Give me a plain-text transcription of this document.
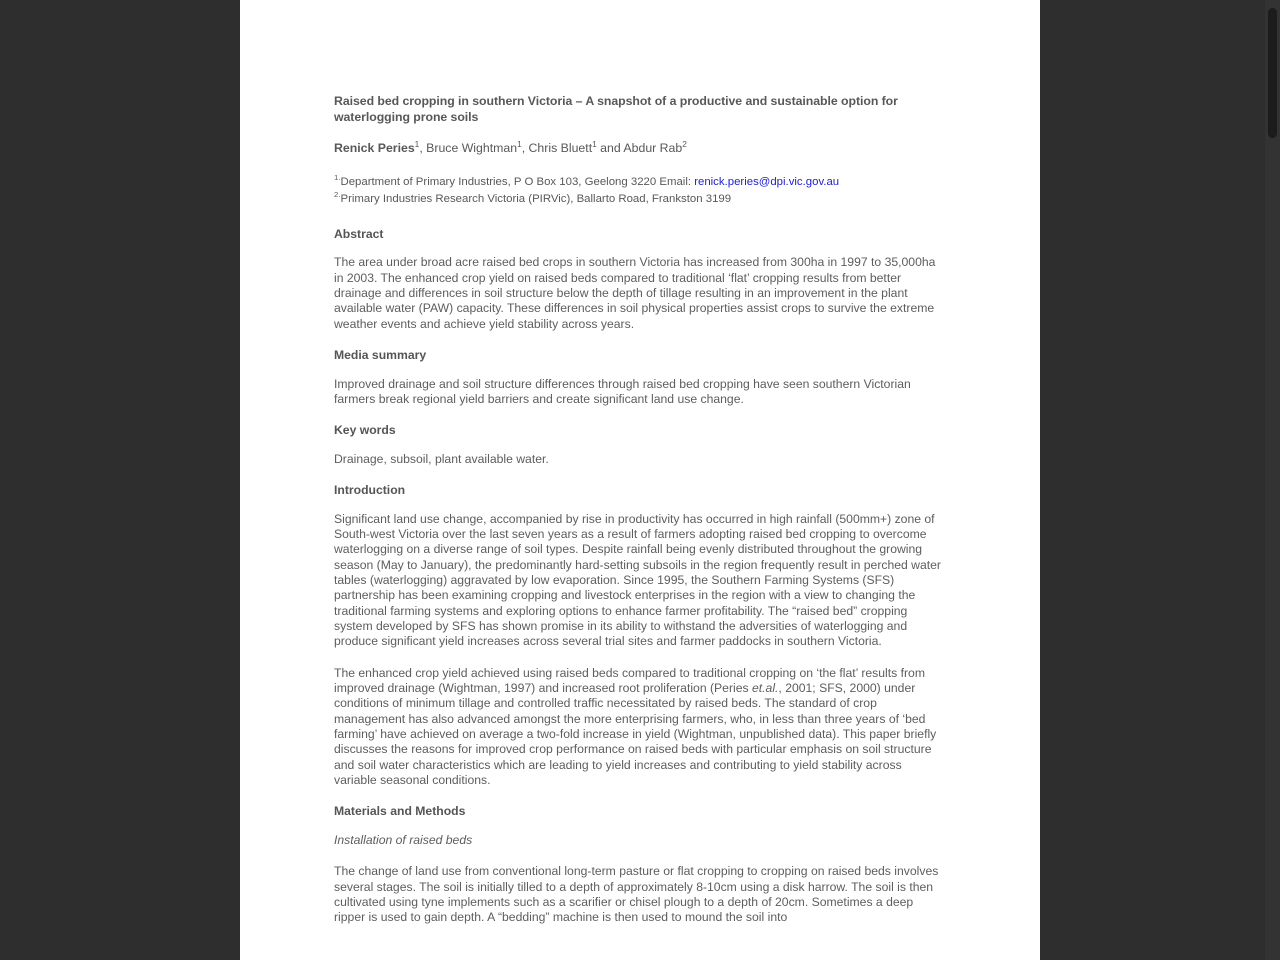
Raised bed cropping in southern Victoria – A snapshot of a productive and sustainable option for waterlogging prone soils
Renick Peries$^1$, Bruce Wightman$^1$, Chris Bluett$^1$ and Abdur Rab$^2$
$^{1.}$Department of Primary Industries, P O Box 103, Geelong 3220 Email: renick.peries@dpi.vic.gov.au
$^{2.}$Primary Industries Research Victoria (PIRVic), Ballarto Road, Frankston 3199
Abstract

The area under broad acre raised bed crops in southern Victoria has increased from 300ha in 1997 to 35,000ha in 2003. The enhanced crop yield on raised beds compared to traditional ‘flat’ cropping results from better drainage and differences in soil structure below the depth of tillage resulting in an improvement in the plant available water (PAW) capacity. These differences in soil physical properties assist crops to survive the extreme weather events and achieve yield stability across years.

Media summary

Improved drainage and soil structure differences through raised bed cropping have seen southern Victorian farmers break regional yield barriers and create significant land use change.

Key words

Drainage, subsoil, plant available water.

Introduction

Significant land use change, accompanied by rise in productivity has occurred in high rainfall (500mm+) zone of South-west Victoria over the last seven years as a result of farmers adopting raised bed cropping to overcome waterlogging on a diverse range of soil types. Despite rainfall being evenly distributed throughout the growing season (May to January), the predominantly hard-setting subsoils in the region frequently result in perched water tables (waterlogging) aggravated by low evaporation. Since 1995, the Southern Farming Systems (SFS) partnership has been examining cropping and livestock enterprises in the region with a view to changing the traditional farming systems and exploring options to enhance farmer profitability. The “raised bed” cropping system developed by SFS has shown promise in its ability to withstand the adversities of waterlogging and produce significant yield increases across several trial sites and farmer paddocks in southern Victoria.

The enhanced crop yield achieved using raised beds compared to traditional cropping on ‘the flat’ results from improved drainage (Wightman, 1997) and increased root proliferation (Peries et.al., 2001; SFS, 2000) under conditions of minimum tillage and controlled traffic necessitated by raised beds. The standard of crop management has also advanced amongst the more enterprising farmers, who, in less than three years of ‘bed farming’ have achieved on average a two-fold increase in yield (Wightman, unpublished data). This paper briefly discusses the reasons for improved crop performance on raised beds with particular emphasis on soil structure and soil water characteristics which are leading to yield increases and contributing to yield stability across variable seasonal conditions.

Materials and Methods
Installation of raised beds

The change of land use from conventional long-term pasture or flat cropping to cropping on raised beds involves several stages. The soil is initially tilled to a depth of approximately 8-10cm using a disk harrow. The soil is then cultivated using tyne implements such as a scarifier or chisel plough to a depth of 20cm. Sometimes a deep ripper is used to gain depth. A “bedding” machine is then used to mound the soil into
